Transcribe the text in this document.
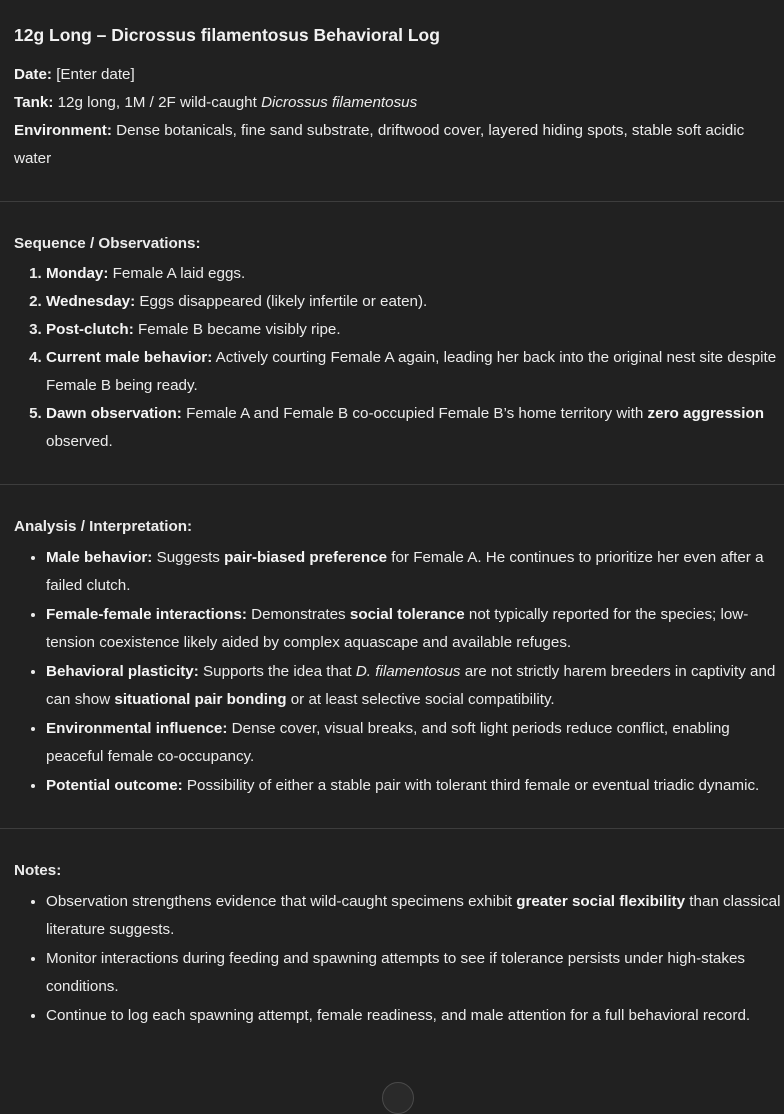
12g Long – Dicrossus filamentosus Behavioral Log

Date: [Enter date]

Tank: 12g long, 1M / 2F wild-caught Dicrossus filamentosus

Environment: Dense botanicals, fine sand substrate, driftwood cover, layered hiding spots, stable soft acidic water

Sequence / Observations:

1. Monday: Female A laid eggs.
2. Wednesday: Eggs disappeared (likely infertile or eaten).
3. Post-clutch: Female B became visibly ripe.
4. Current male behavior: Actively courting Female A again, leading her back into the original nest site despite Female B being ready.
5. Dawn observation: Female A and Female B co-occupied Female B’s home territory with zero aggression observed.

Analysis / Interpretation:

• Male behavior: Suggests pair-biased preference for Female A. He continues to prioritize her even after a failed clutch.
• Female-female interactions: Demonstrates social tolerance not typically reported for the species; low-tension coexistence likely aided by complex aquascape and available refuges.
• Behavioral plasticity: Supports the idea that D. filamentosus are not strictly harem breeders in captivity and can show situational pair bonding or at least selective social compatibility.
• Environmental influence: Dense cover, visual breaks, and soft light periods reduce conflict, enabling peaceful female co-occupancy.
• Potential outcome: Possibility of either a stable pair with tolerant third female or eventual triadic dynamic.

Notes:

• Observation strengthens evidence that wild-caught specimens exhibit greater social flexibility than classical literature suggests.
• Monitor interactions during feeding and spawning attempts to see if tolerance persists under high-stakes conditions.
• Continue to log each spawning attempt, female readiness, and male attention for a full behavioral record.
